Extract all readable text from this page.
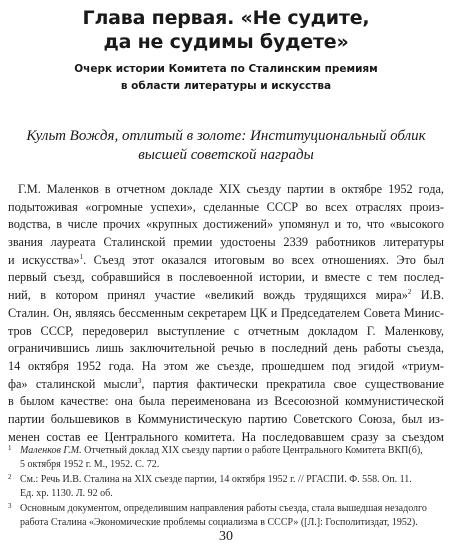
Глава первая. «Не судите,
да не судимы будете»
Очерк истории Комитета по Сталинским премиям
в области литературы и искусства
Культ Вождя, отлитый в золоте: Институциональный облик
высшей советской награды
Г.М. Маленков в отчетном докладе XIX съезду партии в октябре 1952 года,
подытоживая «огромные успехи», сделанные СССР во всех отраслях произ-
водства, в числе прочих «крупных достижений» упомянул и то, что «высокого
звания лауреата Сталинской премии удостоены 2339 работников литературы
и искусства»$^1$. Съезд этот оказался итоговым во всех отношениях. Это был
первый съезд, собравшийся в послевоенной истории, и вместе с тем послед-
ний, в котором принял участие «великий вождь трудящихся мира»$^2$ И.В.
Сталин. Он, являясь бессменным секретарем ЦК и Председателем Совета Минис-
тров СССР, передоверил выступление с отчетным докладом Г. Маленкову,
ограничившись лишь заключительной речью в последний день работы съезда,
14 октября 1952 года. На этом же съезде, прошедшем под эгидой «триум-
фа» сталинской мысли$^3$, партия фактически прекратила свое существование
в былом качестве: она была переименована из Всесоюзной коммунистической
партии большевиков в Коммунистическую партию Советского Союза, был из-
менен состав ее Центрального комитета. На последовавшем сразу за съездом
1 Маленков Г.М. Отчетный доклад XIX съезду партии о работе Центрального Комитета ВКП(б),
5 октября 1952 г. М., 1952. С. 72.
2 См.: Речь И.В. Сталина на XIX съезде партии, 14 октября 1952 г. // РГАСПИ. Ф. 558. Оп. 11.
Ед. хр. 1130. Л. 92 об.
3 Основным документом, определившим направления работы съезда, стала вышедшая незадолго
работа Сталина «Экономические проблемы социализма в СССР» ([Л.]: Госполитиздат, 1952).
30
